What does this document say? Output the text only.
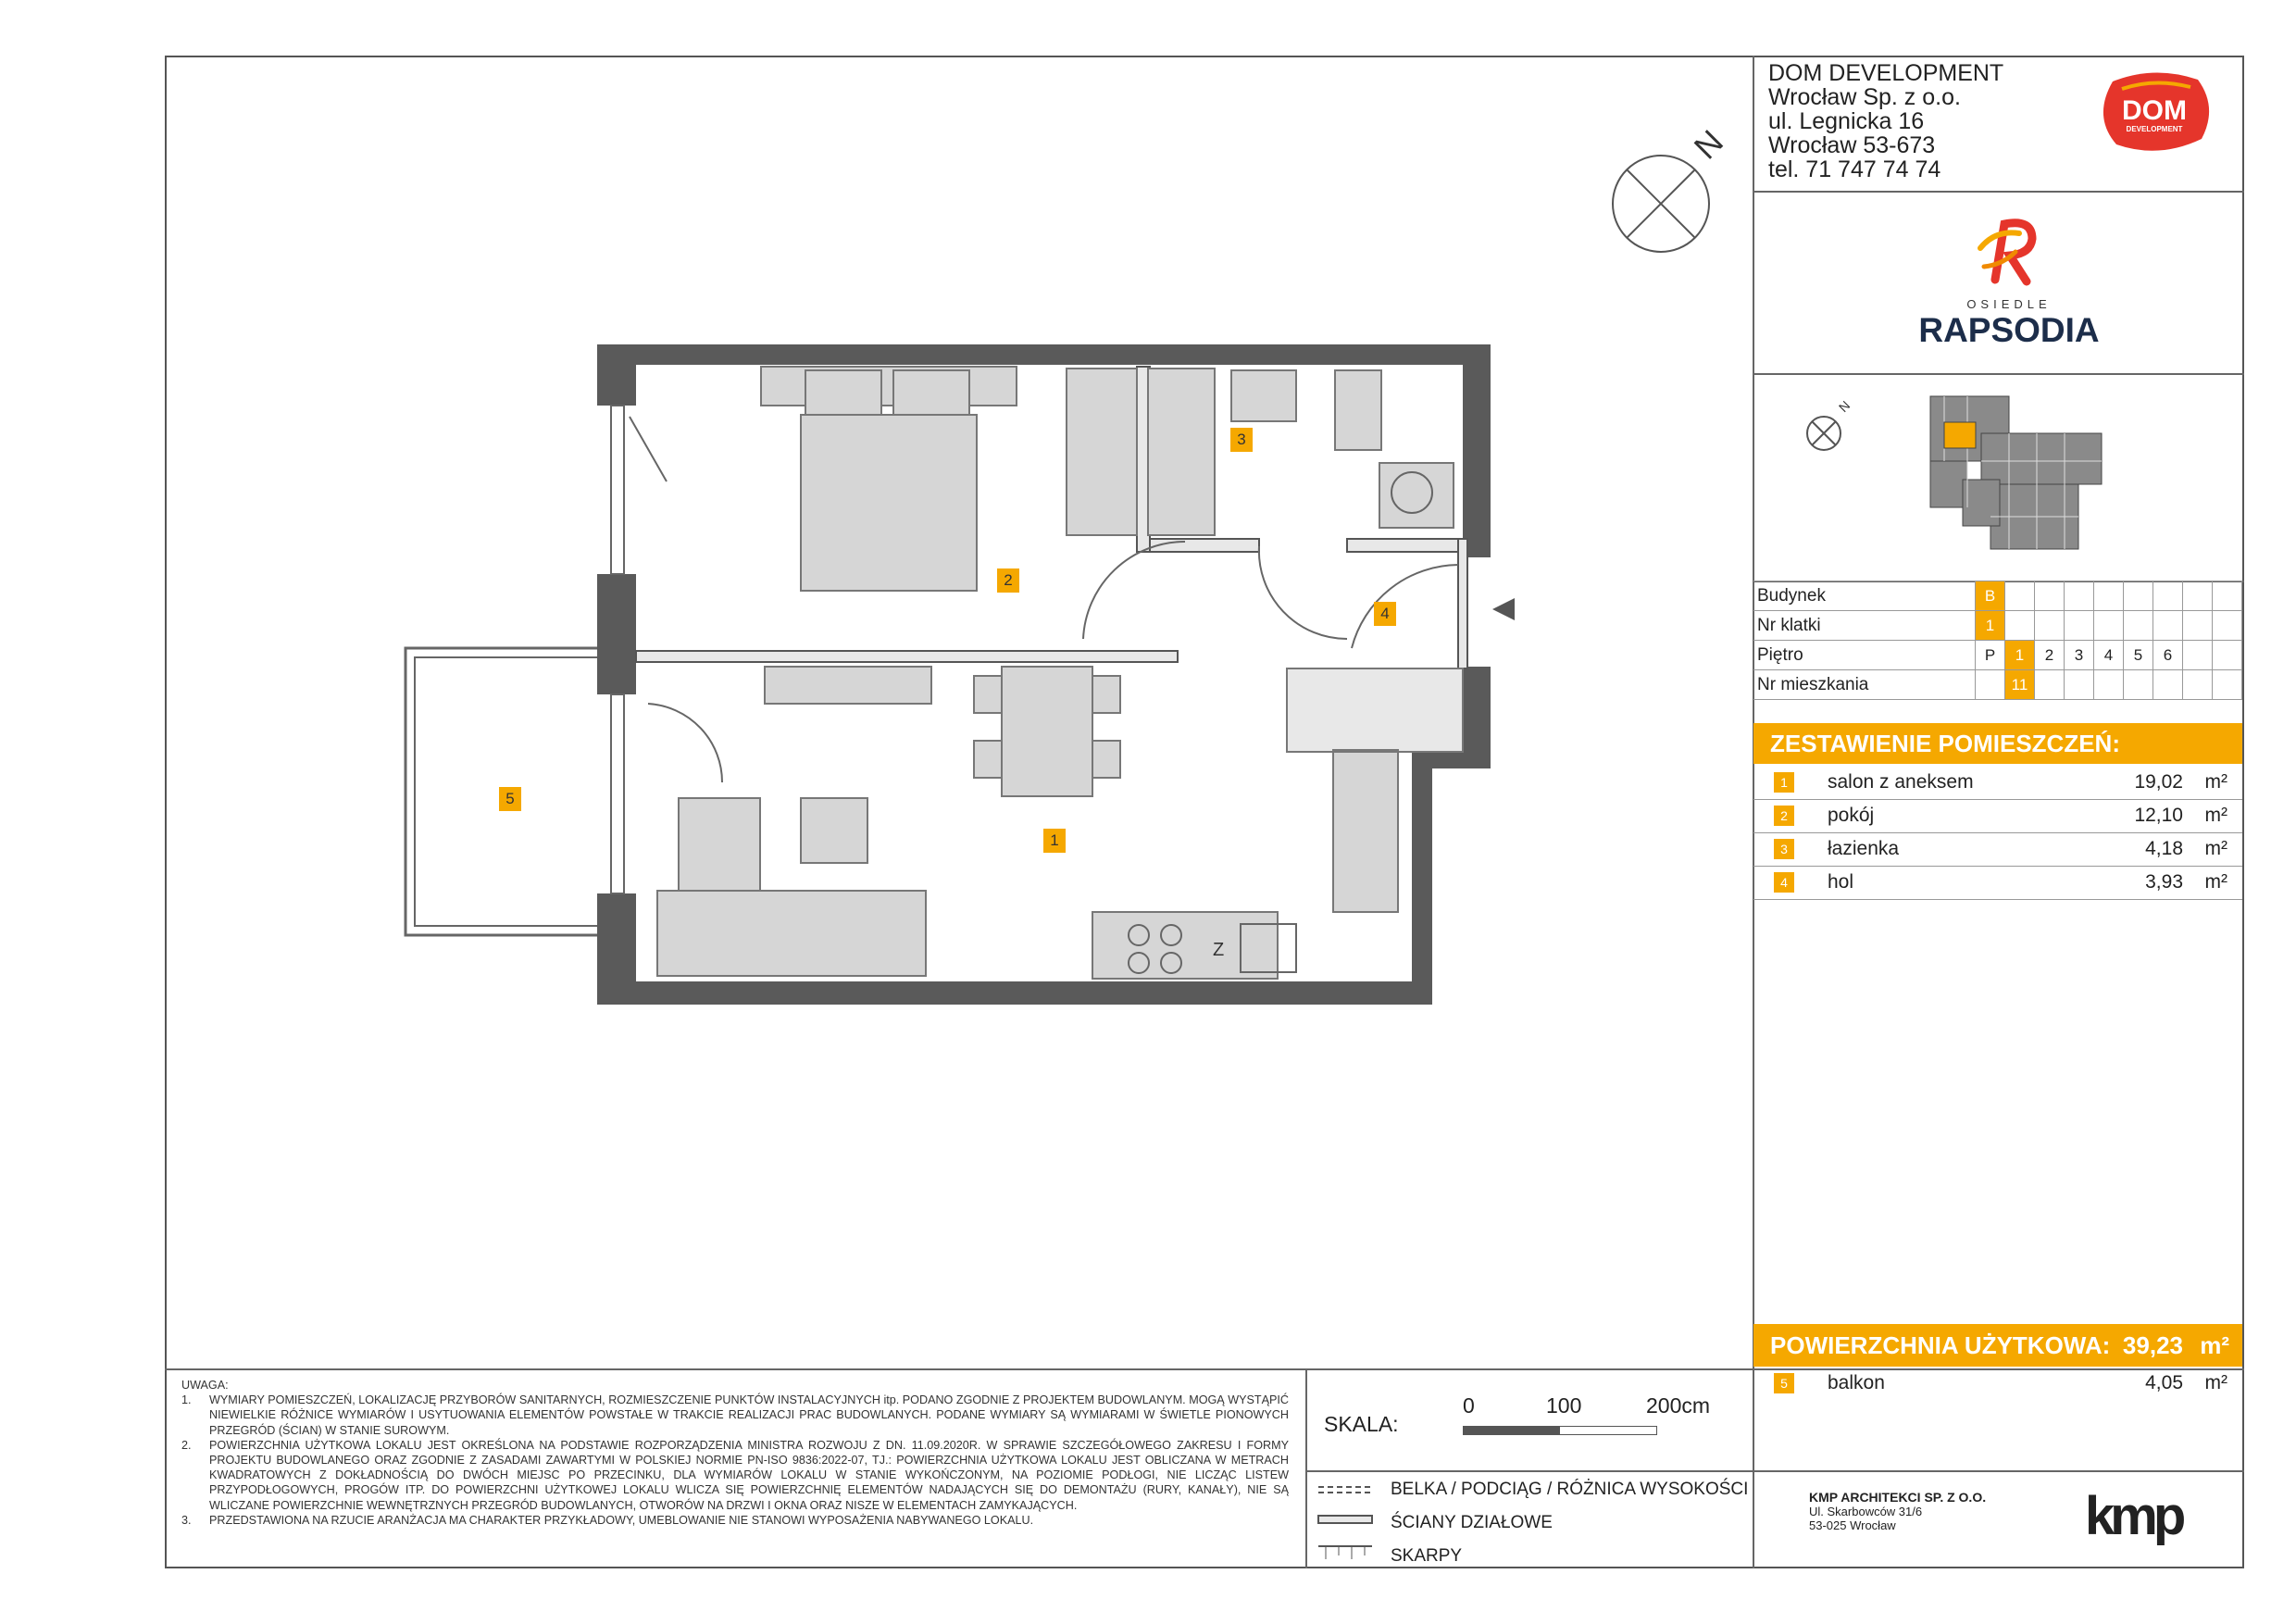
DOM DEVELOPMENT
Wrocław Sp. z o.o.
ul. Legnicka 16
Wrocław 53-673
tel. 71 747 74 74
DOM
DEVELOPMENT
OSIEDLE
RAPSODIA
N
Budynek	B								
Nr klatki	1								
Piętro	P	1	2	3	4	5	6		
Nr mieszkania		11							
ZESTAWIENIE POMIESZCZEŃ:
1	salon z aneksem	19,02 m²
2	pokój	12,10 m²
3	łazienka	4,18 m²
4	hol	3,93 m²
POWIERZCHNIA UŻYTKOWA: 39,23 m²
5	balkon	4,05 m²
N
Z
3
2
4
1
5
UWAGA:
1. WYMIARY POMIESZCZEŃ, LOKALIZACJĘ PRZYBORÓW SANITARNYCH, ROZMIESZCZENIE PUNKTÓW INSTALACYJNYCH itp. PODANO ZGODNIE Z PROJEKTEM BUDOWLANYM. MOGĄ WYSTĄPIĆ NIEWIELKIE RÓŻNICE WYMIARÓW I USYTUOWANIA ELEMENTÓW POWSTAŁE W TRAKCIE REALIZACJI PRAC BUDOWLANYCH. PODANE WYMIARY SĄ WYMIARAMI W ŚWIETLE PIONOWYCH PRZEGRÓD (ŚCIAN) W STANIE SUROWYM.
2. POWIERZCHNIA UŻYTKOWA LOKALU JEST OKREŚLONA NA PODSTAWIE ROZPORZĄDZENIA MINISTRA ROZWOJU Z DN. 11.09.2020R. W SPRAWIE SZCZEGÓŁOWEGO ZAKRESU I FORMY PROJEKTU BUDOWLANEGO ORAZ ZGODNIE Z ZASADAMI ZAWARTYMI W POLSKIEJ NORMIE PN-ISO 9836:2022-07, TJ.: POWIERZCHNIA UŻYTKOWA LOKALU JEST OBLICZANA W METRACH KWADRATOWYCH Z DOKŁADNOŚCIĄ DO DWÓCH MIEJSC PO PRZECINKU, DLA WYMIARÓW LOKALU W STANIE WYKOŃCZONYM, NA POZIOMIE PODŁOGI, NIE LICZĄC LISTEW PRZYPODŁOGOWYCH, PROGÓW ITP. DO POWIERZCHNI UŻYTKOWEJ LOKALU WLICZA SIĘ POWIERZCHNIĘ ELEMENTÓW NADAJĄCYCH SIĘ DO DEMONTAŻU (RURY, KANAŁY), NIE SĄ WLICZANE POWIERZCHNIE WEWNĘTRZNYCH PRZEGRÓD BUDOWLANYCH, OTWORÓW NA DRZWI I OKNA ORAZ NISZE W ELEMENTACH ZAMYKAJĄCYCH.
3. PRZEDSTAWIONA NA RZUCIE ARANŻACJA MA CHARAKTER PRZYKŁADOWY, UMEBLOWANIE NIE STANOWI WYPOSAŻENIA NABYWANEGO LOKALU.
SKALA:
0	100	200cm
BELKA / PODCIĄG / RÓŻNICA WYSOKOŚCI
ŚCIANY DZIAŁOWE
SKARPY
KMP ARCHITEKCI SP. Z O.O.
Ul. Skarbowców 31/6
53-025 Wrocław	kmp
